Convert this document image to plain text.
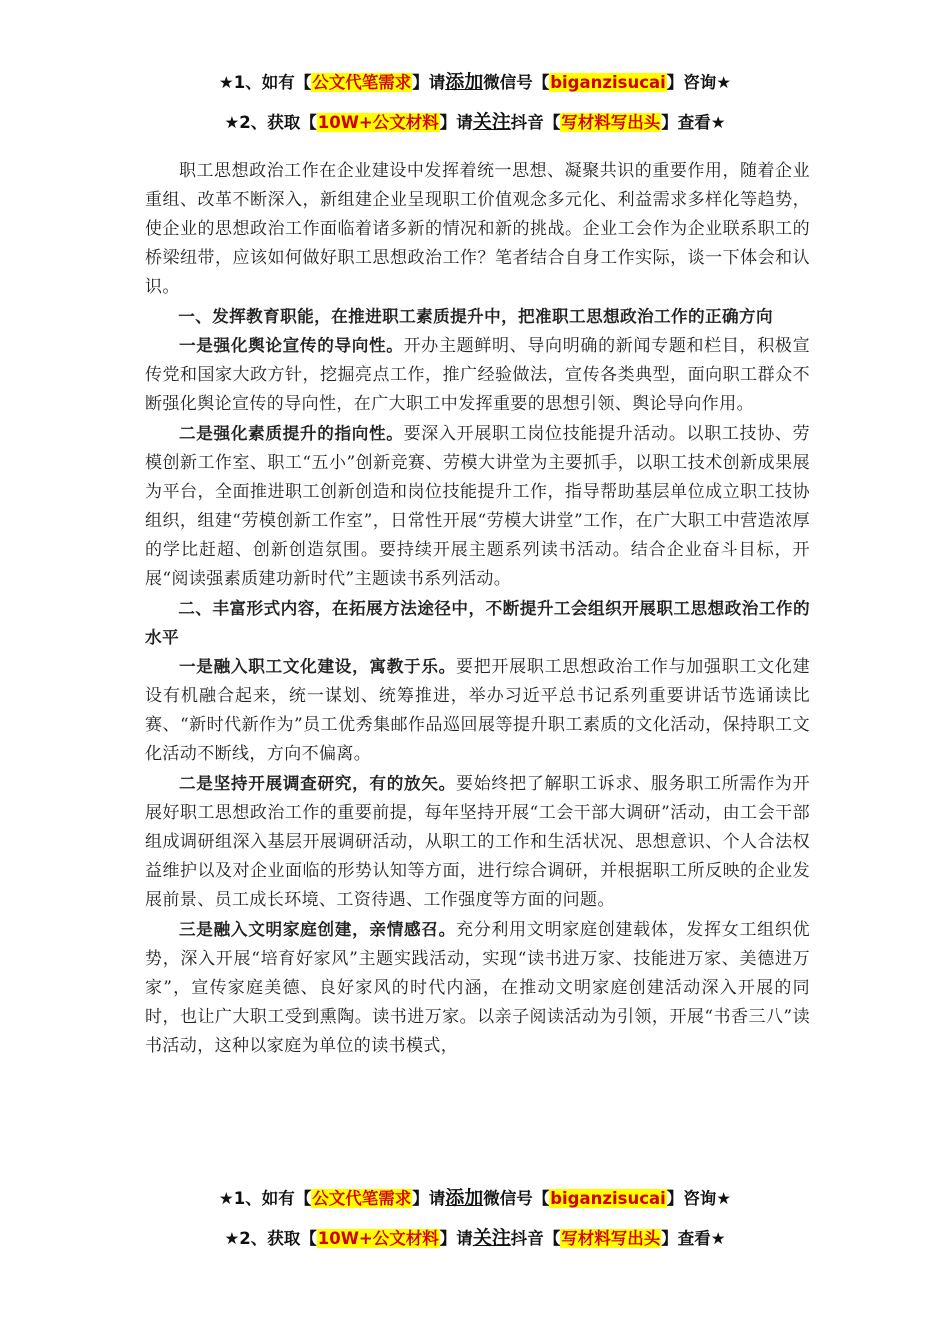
★1、如有【公文代笔需求】请添加微信号【biganzisucai】咨询★
★2、获取【10W+公文材料】请关注抖音【写材料写出头】查看★

职工思想政治工作在企业建设中发挥着统一思想、凝聚共识的重要作用，随着企业重组、改革不断深入，新组建企业呈现职工价值观念多元化、利益需求多样化等趋势，使企业的思想政治工作面临着诸多新的情况和新的挑战。企业工会作为企业联系职工的桥梁纽带，应该如何做好职工思想政治工作？笔者结合自身工作实际，谈一下体会和认识。

一、发挥教育职能，在推进职工素质提升中，把准职工思想政治工作的正确方向

一是强化舆论宣传的导向性。开办主题鲜明、导向明确的新闻专题和栏目，积极宣传党和国家大政方针，挖掘亮点工作，推广经验做法，宣传各类典型，面向职工群众不断强化舆论宣传的导向性，在广大职工中发挥重要的思想引领、舆论导向作用。

二是强化素质提升的指向性。要深入开展职工岗位技能提升活动。以职工技协、劳模创新工作室、职工“五小”创新竞赛、劳模大讲堂为主要抓手，以职工技术创新成果展为平台，全面推进职工创新创造和岗位技能提升工作，指导帮助基层单位成立职工技协组织，组建“劳模创新工作室”，日常性开展“劳模大讲堂”工作，在广大职工中营造浓厚的学比赶超、创新创造氛围。要持续开展主题系列读书活动。结合企业奋斗目标，开展“阅读强素质建功新时代”主题读书系列活动。

二、丰富形式内容，在拓展方法途径中，不断提升工会组织开展职工思想政治工作的水平

一是融入职工文化建设，寓教于乐。要把开展职工思想政治工作与加强职工文化建设有机融合起来，统一谋划、统筹推进，举办习近平总书记系列重要讲话节选诵读比赛、“新时代新作为”员工优秀集邮作品巡回展等提升职工素质的文化活动，保持职工文化活动不断线，方向不偏离。

二是坚持开展调查研究，有的放矢。要始终把了解职工诉求、服务职工所需作为开展好职工思想政治工作的重要前提，每年坚持开展“工会干部大调研”活动，由工会干部组成调研组深入基层开展调研活动，从职工的工作和生活状况、思想意识、个人合法权益维护以及对企业面临的形势认知等方面，进行综合调研，并根据职工所反映的企业发展前景、员工成长环境、工资待遇、工作强度等方面的问题。

三是融入文明家庭创建，亲情感召。充分利用文明家庭创建载体，发挥女工组织优势，深入开展“培育好家风”主题实践活动，实现“读书进万家、技能进万家、美德进万家”，宣传家庭美德、良好家风的时代内涵，在推动文明家庭创建活动深入开展的同时，也让广大职工受到熏陶。读书进万家。以亲子阅读活动为引领，开展“书香三八”读书活动，这种以家庭为单位的读书模式，

★1、如有【公文代笔需求】请添加微信号【biganzisucai】咨询★
★2、获取【10W+公文材料】请关注抖音【写材料写出头】查看★
